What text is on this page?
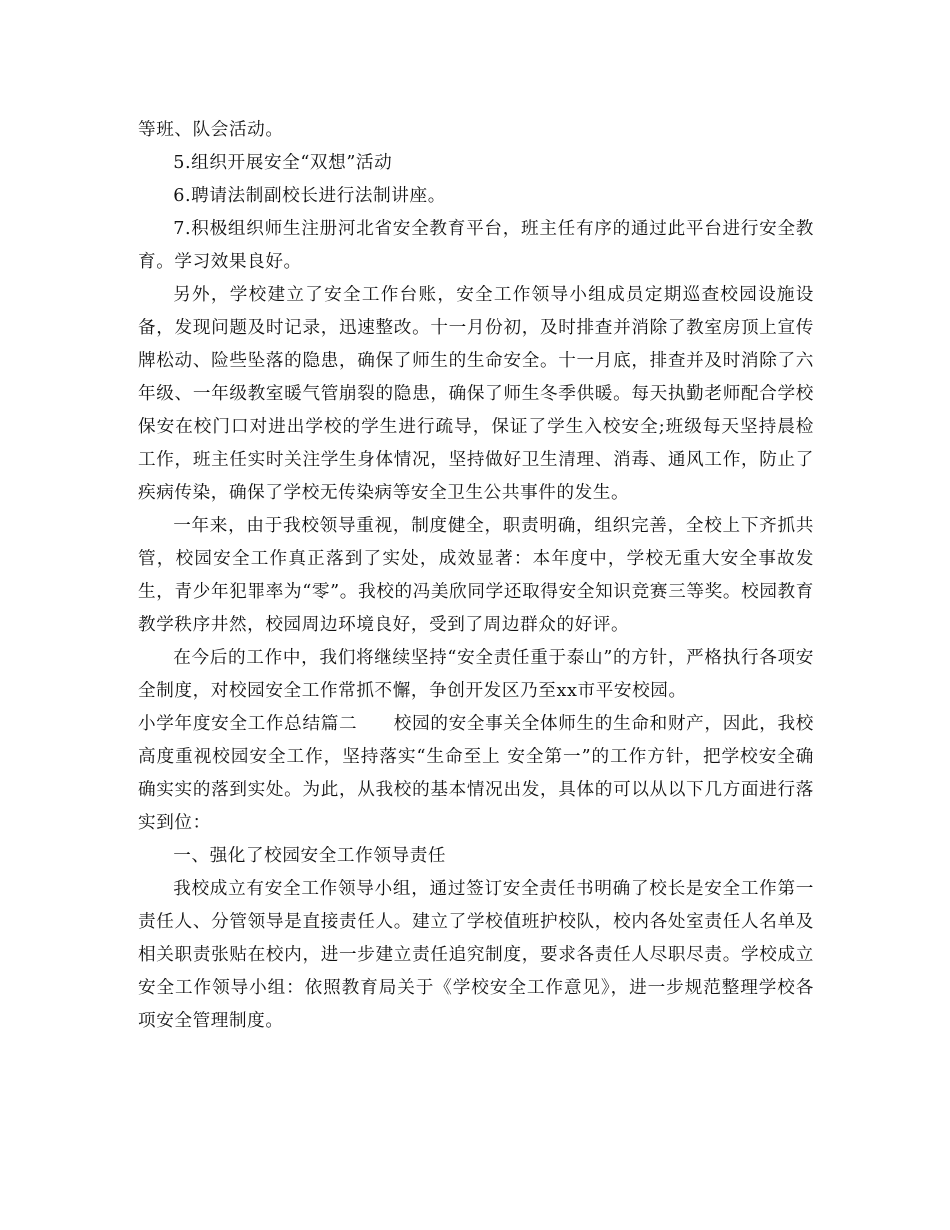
等班、队会活动。

5.组织开展安全“双想”活动

6.聘请法制副校长进行法制讲座。

7.积极组织师生注册河北省安全教育平台，班主任有序的通过此平台进行安全教育。学习效果良好。

另外，学校建立了安全工作台账，安全工作领导小组成员定期巡查校园设施设备，发现问题及时记录，迅速整改。十一月份初，及时排查并消除了教室房顶上宣传牌松动、险些坠落的隐患，确保了师生的生命安全。十一月底，排查并及时消除了六年级、一年级教室暖气管崩裂的隐患，确保了师生冬季供暖。每天执勤老师配合学校保安在校门口对进出学校的学生进行疏导，保证了学生入校安全;班级每天坚持晨检工作，班主任实时关注学生身体情况，坚持做好卫生清理、消毒、通风工作，防止了疾病传染，确保了学校无传染病等安全卫生公共事件的发生。

一年来，由于我校领导重视，制度健全，职责明确，组织完善，全校上下齐抓共管，校园安全工作真正落到了实处，成效显著：本年度中，学校无重大安全事故发生，青少年犯罪率为“零”。我校的冯美欣同学还取得安全知识竞赛三等奖。校园教育教学秩序井然，校园周边环境良好，受到了周边群众的好评。

在今后的工作中，我们将继续坚持“安全责任重于泰山”的方针，严格执行各项安全制度，对校园安全工作常抓不懈，争创开发区乃至xx市平安校园。

小学年度安全工作总结篇二　　校园的安全事关全体师生的生命和财产，因此，我校高度重视校园安全工作，坚持落实“生命至上 安全第一”的工作方针，把学校安全确确实实的落到实处。为此，从我校的基本情况出发，具体的可以从以下几方面进行落实到位：

一、强化了校园安全工作领导责任

我校成立有安全工作领导小组，通过签订安全责任书明确了校长是安全工作第一责任人、分管领导是直接责任人。建立了学校值班护校队，校内各处室责任人名单及相关职责张贴在校内，进一步建立责任追究制度，要求各责任人尽职尽责。学校成立安全工作领导小组：依照教育局关于《学校安全工作意见》，进一步规范整理学校各项安全管理制度。
